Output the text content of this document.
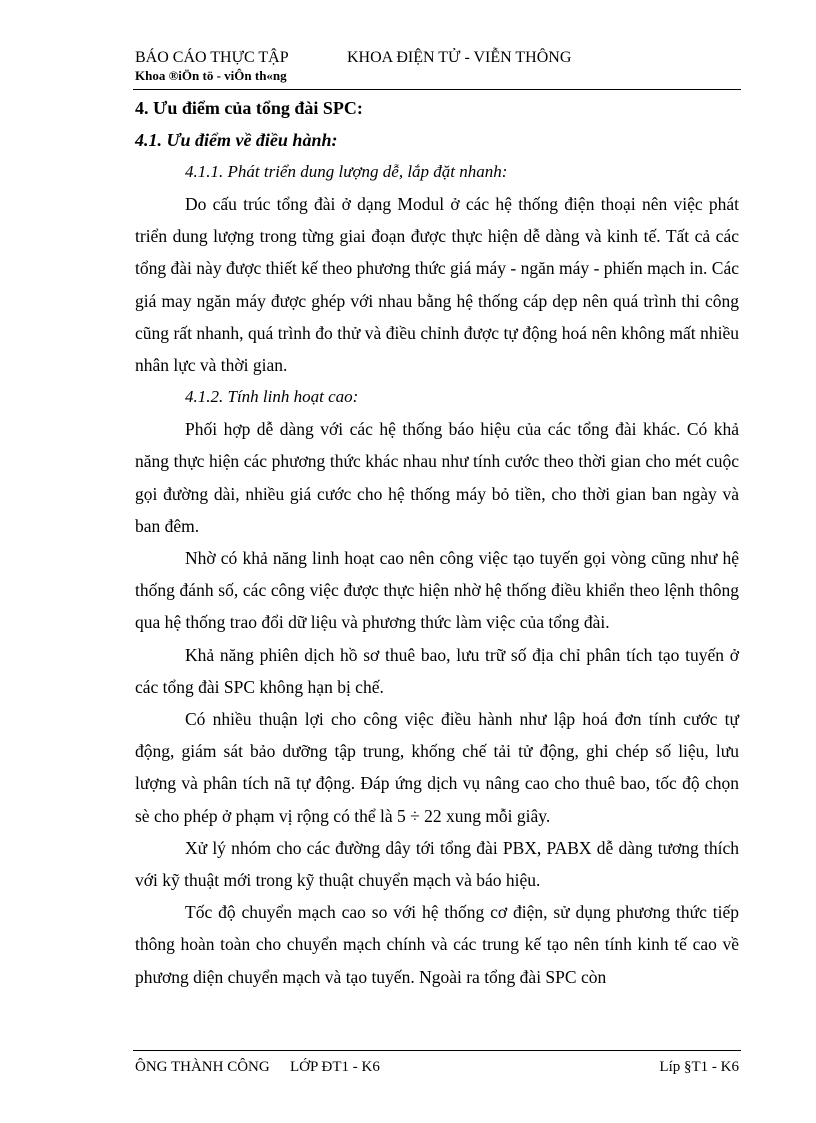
BÁO CÁO THỰC TẬP	KHOA ĐIỆN TỬ - VIỄN THÔNG
Khoa ®iÖn tö - viÔn th«ng

4. Ưu điểm của tổng đài SPC:

4.1. Ưu điểm về điều hành:

4.1.1. Phát triển dung lượng dễ, lắp đặt nhanh:

Do cấu trúc tổng đài ở dạng Modul ở các hệ thống điện thoại nên việc phát triển dung lượng trong từng giai đoạn được thực hiện dễ dàng và kinh tế. Tất cả các tổng đài này được thiết kế theo phương thức giá máy - ngăn máy - phiến mạch in. Các giá may ngăn máy được ghép với nhau bằng hệ thống cáp dẹp nên quá trình thi công cũng rất nhanh, quá trình đo thử và điều chỉnh được tự động hoá nên không mất nhiều nhân lực và thời gian.

4.1.2. Tính linh hoạt cao:

Phối hợp dễ dàng với các hệ thống báo hiệu của các tổng đài khác. Có khả năng thực hiện các phương thức khác nhau như tính cước theo thời gian cho mét cuộc gọi đường dài, nhiều giá cước cho hệ thống máy bỏ tiền, cho thời gian ban ngày và ban đêm.

Nhờ có khả năng linh hoạt cao nên công việc tạo tuyến gọi vòng cũng như hệ thống đánh số, các công việc được thực hiện nhờ hệ thống điều khiển theo lệnh thông qua hệ thống trao đổi dữ liệu và phương thức làm việc của tổng đài.

Khả năng phiên dịch hồ sơ thuê bao, lưu trữ số địa chỉ phân tích tạo tuyến ở các tổng đài SPC không hạn bị chế.

Có nhiều thuận lợi cho công việc điều hành như lập hoá đơn tính cước tự động, giám sát bảo dưỡng tập trung, khống chế tải tử động, ghi chép số liệu, lưu lượng và phân tích nã tự động. Đáp ứng dịch vụ nâng cao cho thuê bao, tốc độ chọn sè cho phép ở phạm vị rộng có thể là 5 ÷ 22 xung mỗi giây.

Xử lý nhóm cho các đường dây tới tổng đài PBX, PABX dễ dàng tương thích với kỹ thuật mới trong kỹ thuật chuyển mạch và báo hiệu.

Tốc độ chuyển mạch cao so với hệ thống cơ điện, sử dụng phương thức tiếp thông hoàn toàn cho chuyển mạch chính và các trung kế tạo nên tính kinh tế cao về phương diện chuyển mạch và tạo tuyến. Ngoài ra tổng đài SPC còn

ÔNG THÀNH CÔNG LỚP ĐT1 - K6	Líp §T1 - K6
